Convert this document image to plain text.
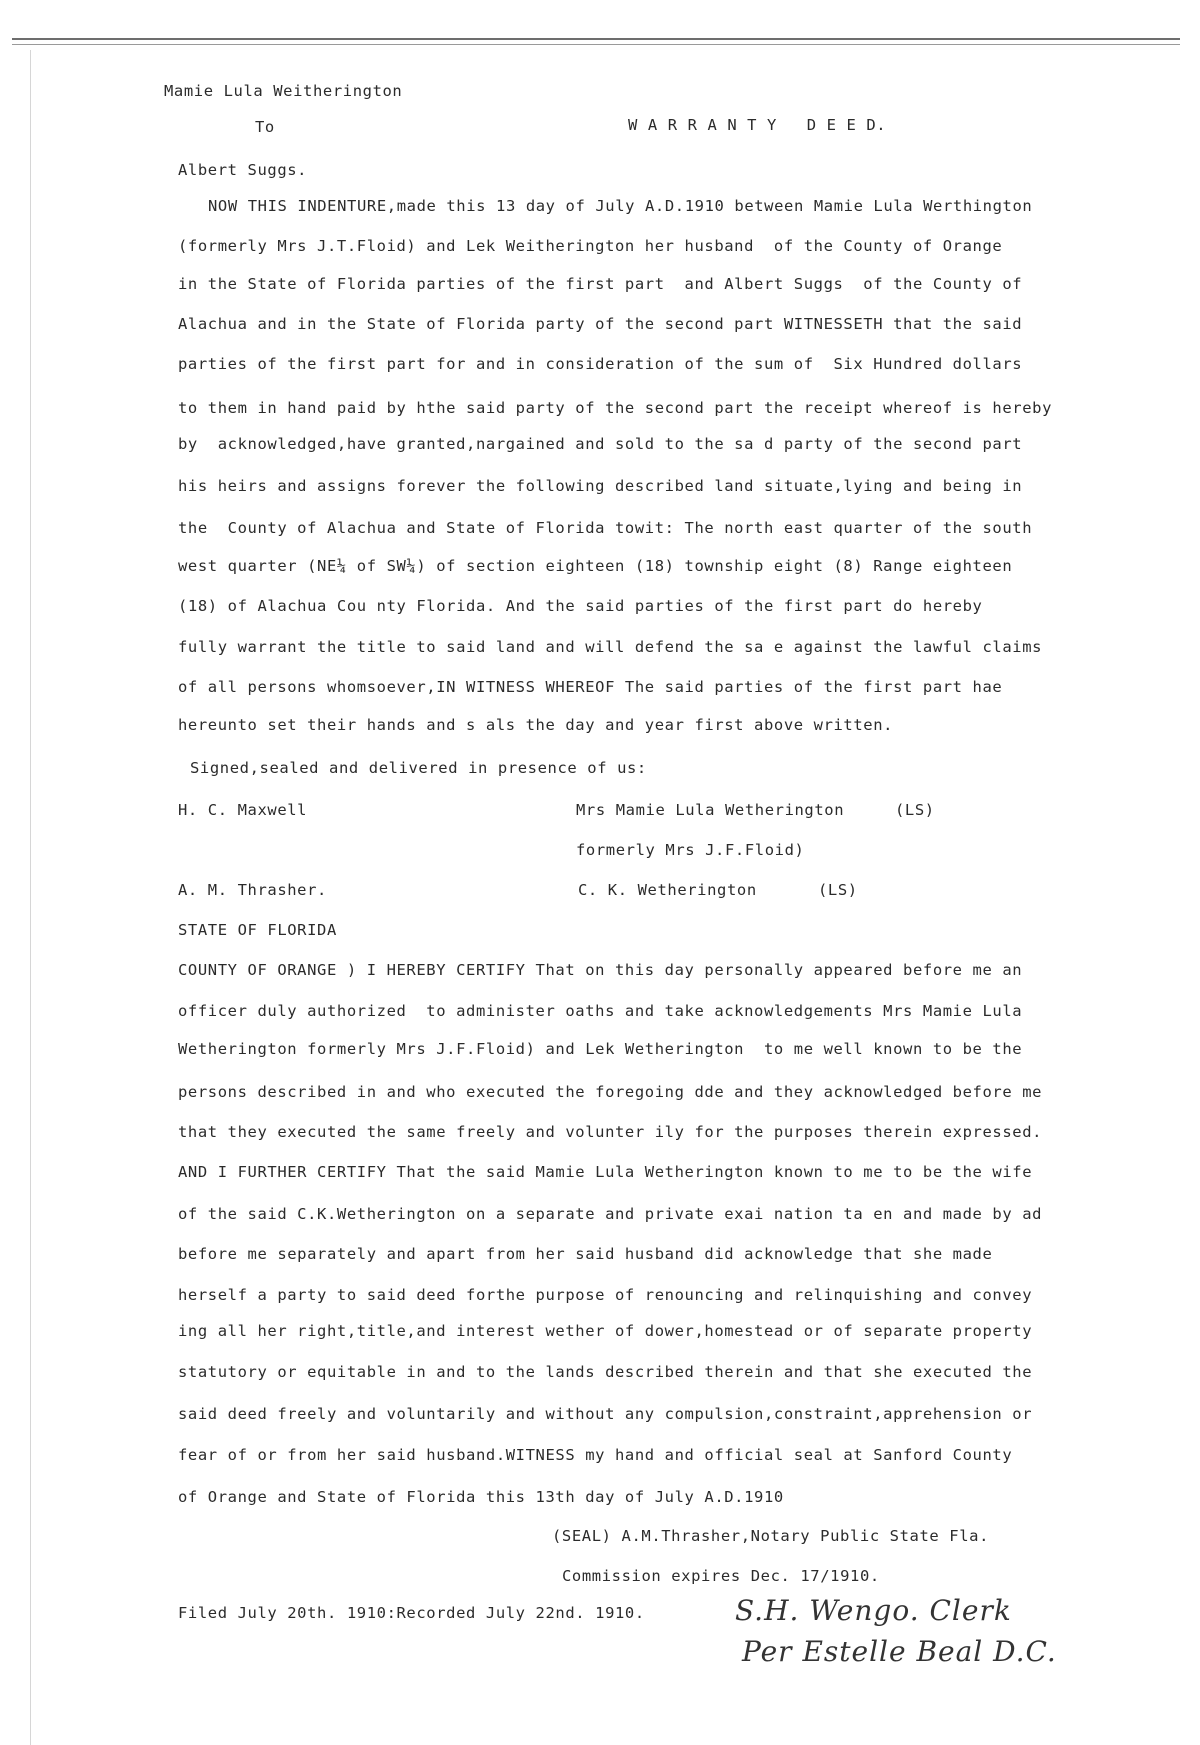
Mamie Lula Weitherington
To	W A R R A N T Y   D E E D.
Albert Suggs.
NOW THIS INDENTURE,made this 13 day of July A.D.1910 between Mamie Lula Werthington
(formerly Mrs J.T.Floid) and Lek Weitherington her husband  of the County of Orange
in the State of Florida parties of the first part  and Albert Suggs  of the County of
Alachua and in the State of Florida party of the second part WITNESSETH that the said
parties of the first part for and in consideration of the sum of  Six Hundred dollars
to them in hand paid by hthe said party of the second part the receipt whereof is hereby
by  acknowledged,have granted,nargained and sold to the sa d party of the second part
his heirs and assigns forever the following described land situate,lying and being in
the  County of Alachua and State of Florida towit: The north east quarter of the south
west quarter (NE¼ of SW¼) of section eighteen (18) township eight (8) Range eighteen
(18) of Alachua Cou nty Florida. And the said parties of the first part do hereby
fully warrant the title to said land and will defend the sa e against the lawful claims
of all persons whomsoever,IN WITNESS WHEREOF The said parties of the first part hae
hereunto set their hands and s als the day and year first above written.
Signed,sealed and delivered in presence of us:
H. C. Maxwell	Mrs Mamie Lula Wetherington	(LS)
formerly Mrs J.F.Floid)
A. M. Thrasher.	C. K. Wetherington	(LS)
STATE OF FLORIDA
COUNTY OF ORANGE ) I HEREBY CERTIFY That on this day personally appeared before me an
officer duly authorized  to administer oaths and take acknowledgements Mrs Mamie Lula
Wetherington formerly Mrs J.F.Floid) and Lek Wetherington  to me well known to be the
persons described in and who executed the foregoing dde and they acknowledged before me
that they executed the same freely and volunter ily for the purposes therein expressed.
AND I FURTHER CERTIFY That the said Mamie Lula Wetherington known to me to be the wife
of the said C.K.Wetherington on a separate and private exai nation ta en and made by ad
before me separately and apart from her said husband did acknowledge that she made
herself a party to said deed forthe purpose of renouncing and relinquishing and convey
ing all her right,title,and interest wether of dower,homestead or of separate property
statutory or equitable in and to the lands described therein and that she executed the
said deed freely and voluntarily and without any compulsion,constraint,apprehension or
fear of or from her said husband.WITNESS my hand and official seal at Sanford County
of Orange and State of Florida this 13th day of July A.D.1910
(SEAL) A.M.Thrasher,Notary Public State Fla.
Commission expires Dec. 17/1910.
Filed July 20th. 1910:Recorded July 22nd. 1910.	S.H. Wengo. Clerk
Per Estelle Beal D.C.
